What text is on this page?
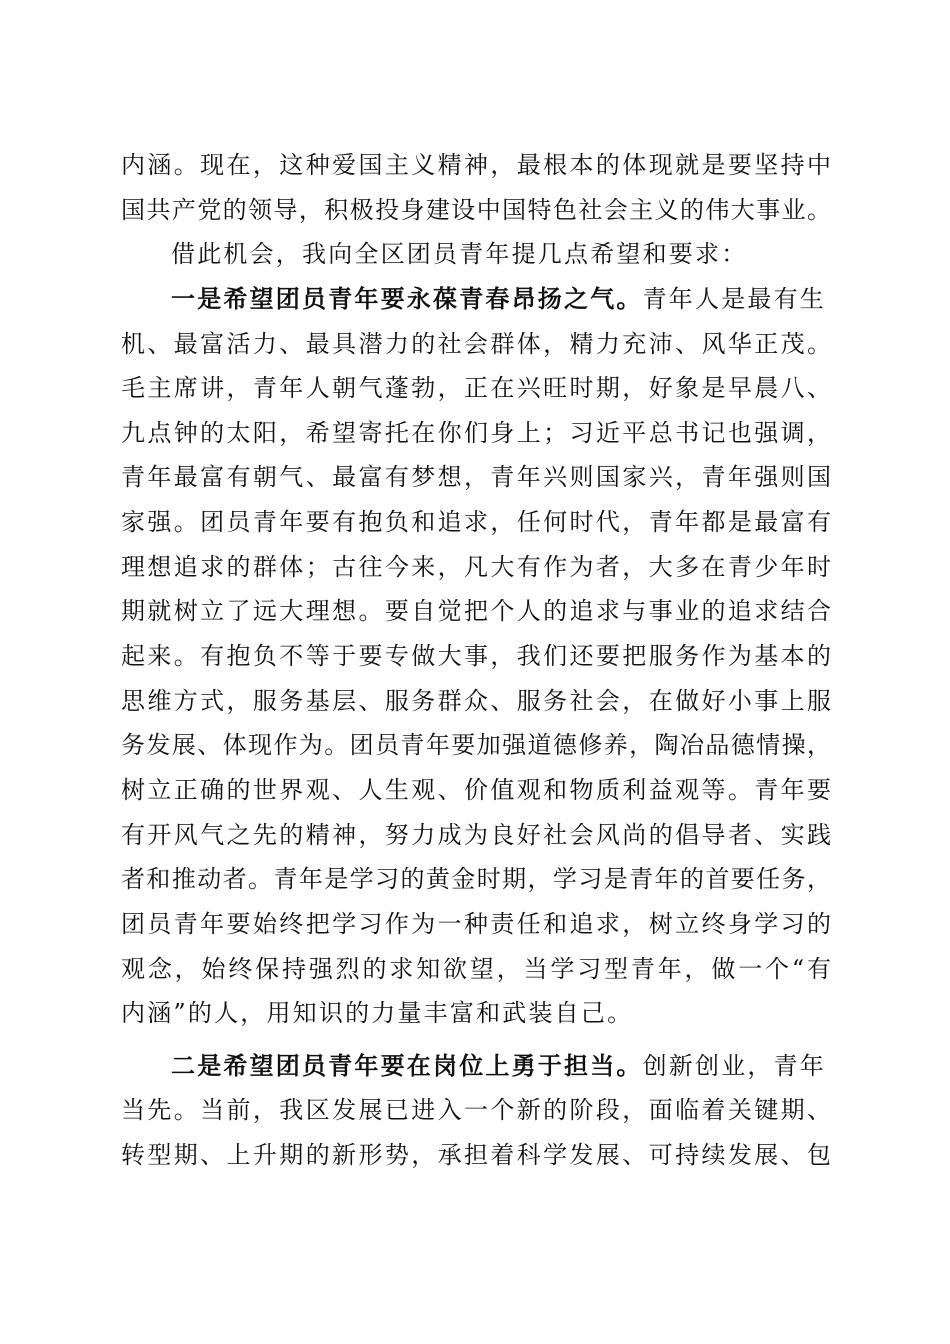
内涵。现在，这种爱国主义精神，最根本的体现就是要坚持中
国共产党的领导，积极投身建设中国特色社会主义的伟大事业。
借此机会，我向全区团员青年提几点希望和要求：
一是希望团员青年要永葆青春昂扬之气。青年人是最有生
机、最富活力、最具潜力的社会群体，精力充沛、风华正茂。
毛主席讲，青年人朝气蓬勃，正在兴旺时期，好象是早晨八、
九点钟的太阳，希望寄托在你们身上；习近平总书记也强调，
青年最富有朝气、最富有梦想，青年兴则国家兴，青年强则国
家强。团员青年要有抱负和追求，任何时代，青年都是最富有
理想追求的群体；古往今来，凡大有作为者，大多在青少年时
期就树立了远大理想。要自觉把个人的追求与事业的追求结合
起来。有抱负不等于要专做大事，我们还要把服务作为基本的
思维方式，服务基层、服务群众、服务社会，在做好小事上服
务发展、体现作为。团员青年要加强道德修养，陶冶品德情操，
树立正确的世界观、人生观、价值观和物质利益观等。青年要
有开风气之先的精神，努力成为良好社会风尚的倡导者、实践
者和推动者。青年是学习的黄金时期，学习是青年的首要任务，
团员青年要始终把学习作为一种责任和追求，树立终身学习的
观念，始终保持强烈的求知欲望，当学习型青年，做一个“有
内涵”的人，用知识的力量丰富和武装自己。
二是希望团员青年要在岗位上勇于担当。创新创业，青年
当先。当前，我区发展已进入一个新的阶段，面临着关键期、
转型期、上升期的新形势，承担着科学发展、可持续发展、包
